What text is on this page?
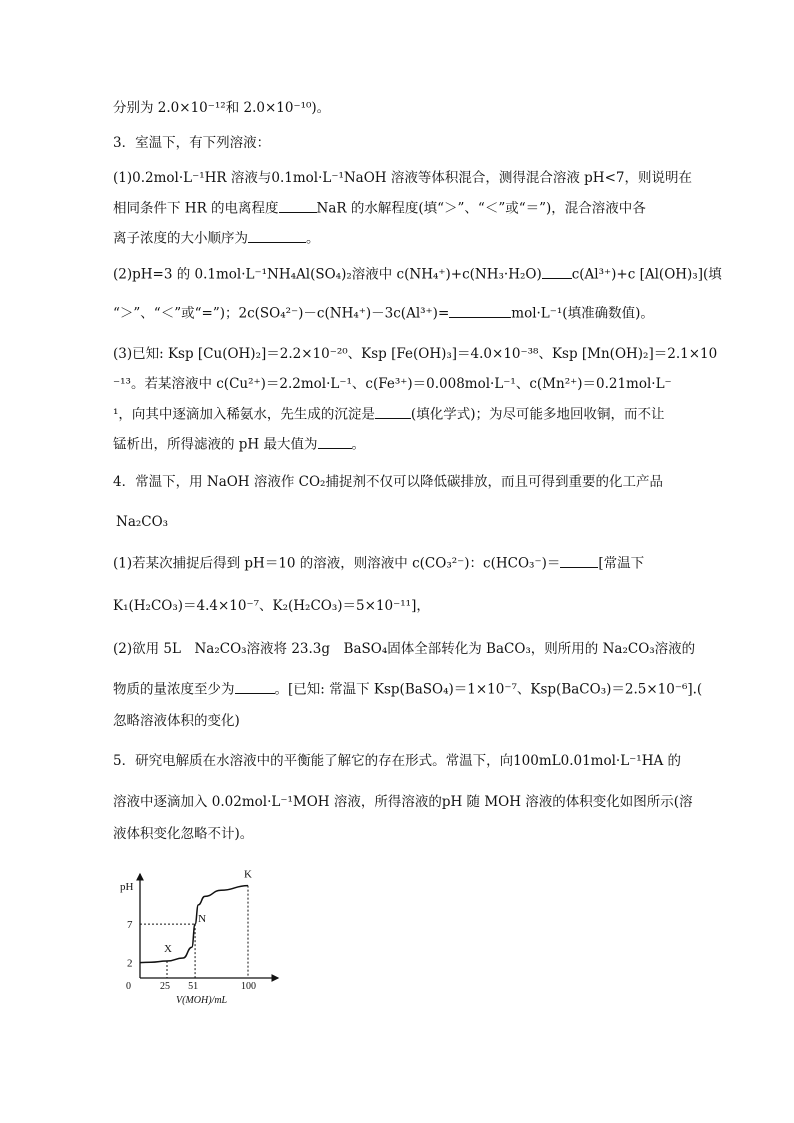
分别为 2.0×10⁻¹²和 2.0×10⁻¹⁰)。
3．室温下，有下列溶液：
(1)0.2mol·L⁻¹HR 溶液与0.1mol·L⁻¹NaOH 溶液等体积混合，测得混合溶液 pH<7，则说明在
相同条件下 HR 的电离程度	NaR 的水解程度(填“＞”、“＜”或“＝”)，混合溶液中各
离子浓度的大小顺序为	。
(2)pH=3 的 0.1mol·L⁻¹NH₄Al(SO₄)₂溶液中 c(NH₄⁺)+c(NH₃·H₂O) c(Al³⁺)+c [Al(OH)₃](填
“＞”、“＜”或“=”)；2c(SO₄²⁻)－c(NH₄⁺)－3c(Al³⁺)=	mol·L⁻¹(填准确数值)。
(3)已知: Ksp [Cu(OH)₂]＝2.2×10⁻²⁰、Ksp [Fe(OH)₃]＝4.0×10⁻³⁸、Ksp [Mn(OH)₂]＝2.1×10
⁻¹³。若某溶液中 c(Cu²⁺)＝2.2mol·L⁻¹、c(Fe³⁺)＝0.008mol·L⁻¹、c(Mn²⁺)＝0.21mol·L⁻
¹，向其中逐滴加入稀氨水，先生成的沉淀是	(填化学式)；为尽可能多地回收铜，而不让
锰析出，所得滤液的 pH 最大值为	。
4．常温下，用 NaOH 溶液作 CO₂捕捉剂不仅可以降低碳排放，而且可得到重要的化工产品
Na₂CO₃
(1)若某次捕捉后得到 pH＝10 的溶液，则溶液中 c(CO₃²⁻)：c(HCO₃⁻)＝	[常温下
K₁(H₂CO₃)＝4.4×10⁻⁷、K₂(H₂CO₃)＝5×10⁻¹¹]，
(2)欲用 5L　Na₂CO₃溶液将 23.3g　BaSO₄固体全部转化为 BaCO₃，则所用的 Na₂CO₃溶液的
物质的量浓度至少为	。[已知: 常温下 Ksp(BaSO₄)＝1×10⁻⁷、Ksp(BaCO₃)＝2.5×10⁻⁶].(
忽略溶液体积的变化)
5．研究电解质在水溶液中的平衡能了解它的存在形式。常温下，向100mL0.01mol·L⁻¹HA 的
溶液中逐滴加入 0.02mol·L⁻¹MOH 溶液，所得溶液的pH 随 MOH 溶液的体积变化如图所示(溶
液体积变化忽略不计)。
pH
V(MOH)/mL
0	25 51	100
7
2
X
N
K
